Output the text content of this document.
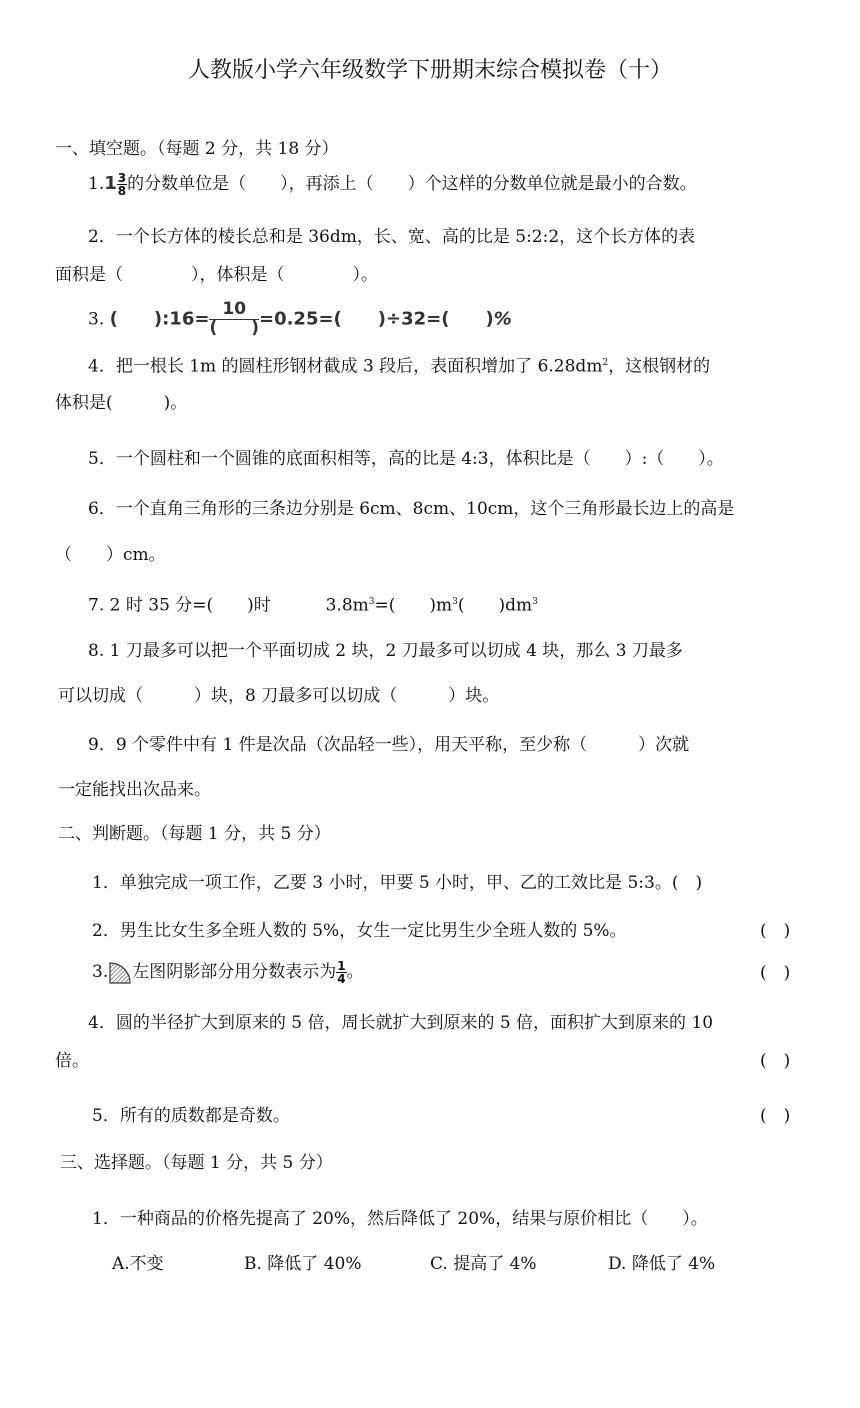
人教版小学六年级数学下册期末综合模拟卷（十）
一、填空题。（每题 2 分，共 18 分）
$1.1 \frac{3}{8}$ 的分数单位是（　　），再添上（　　）个这样的分数单位就是最小的合数。
2．一个长方体的棱长总和是 36dm，长、宽、高的比是 5:2:2，这个长方体的表
面积是（　　　　），体积是（　　　　）。
3. (　　):16= 10
(　　) =0.25=(　　)÷32=(　　)%
4．把一根长 1m 的圆柱形钢材截成 3 段后，表面积增加了 $6.28dm^2$，这根钢材的
体积是(　　　)。
5．一个圆柱和一个圆锥的底面积相等，高的比是 4:3，体积比是（　　）:（　　）。
6．一个直角三角形的三条边分别是 6cm、8cm、10cm，这个三角形最长边上的高是
（　　）cm。
7. 2 时 35 分=(　　)时	$3.8m^3=$(　　)$m^3$(　　)$dm^3$
8. 1 刀最多可以把一个平面切成 2 块，2 刀最多可以切成 4 块，那么 3 刀最多
可以切成（　　　）块，8 刀最多可以切成（　　　）块。
9．9 个零件中有 1 件是次品（次品轻一些），用天平称，至少称（　　　）次就
一定能找出次品来。
二、判断题。（每题 1 分，共 5 分）
1．单独完成一项工作，乙要 3 小时，甲要 5 小时，甲、乙的工效比是 5:3。(　)
2．男生比女生多全班人数的 5%，女生一定比男生少全班人数的 5%。	(　)
3. 左图阴影部分用分数表示为 $\frac{1}{4}$ 。	(　)
4．圆的半径扩大到原来的 5 倍，周长就扩大到原来的 5 倍，面积扩大到原来的 10
倍。	(　)
5．所有的质数都是奇数。	(　)
三、选择题。（每题 1 分，共 5 分）
1．一种商品的价格先提高了 20%，然后降低了 20%，结果与原价相比（　　）。
A.不变	B. 降低了 40%	C. 提高了 4%	D. 降低了 4%
